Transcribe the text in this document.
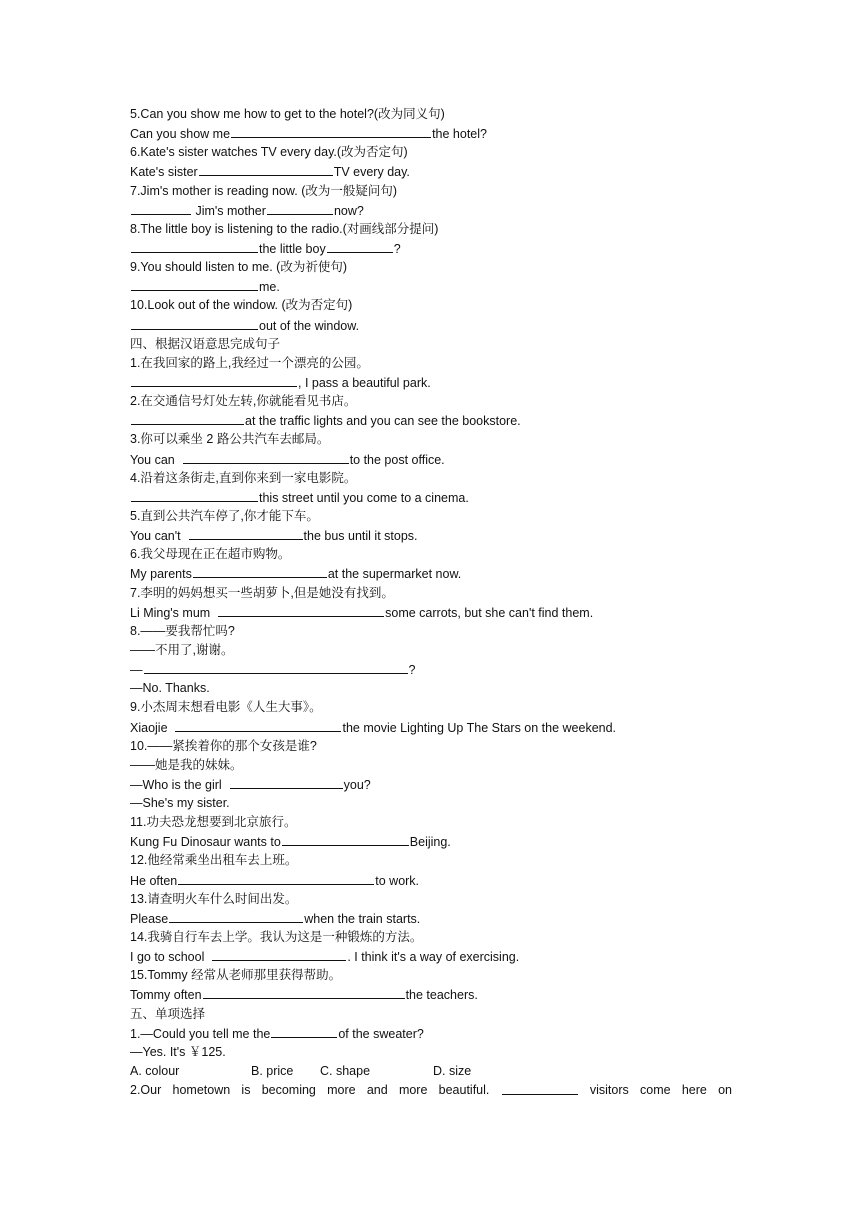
5.Can you show me how to get to the hotel?(改为同义句)
Can you show me	the hotel?
6.Kate's sister watches TV every day.(改为否定句)
Kate's sister	TV every day.
7.Jim's mother is reading now. (改为一般疑问句)
Jim's mother	now?
8.The little boy is listening to the radio.(对画线部分提问)
the little boy	?
9.You should listen to me. (改为祈使句)
me.
10.Look out of the window. (改为否定句)
out of the window.
四、根据汉语意思完成句子
1.在我回家的路上,我经过一个漂亮的公园。
, I pass a beautiful park.
2.在交通信号灯处左转,你就能看见书店。
at the traffic lights and you can see the bookstore.
3.你可以乘坐 2 路公共汽车去邮局。
You can	to the post office.
4.沿着这条街走,直到你来到一家电影院。
this street until you come to a cinema.
5.直到公共汽车停了,你才能下车。
You can't	the bus until it stops.
6.我父母现在正在超市购物。
My parents	at the supermarket now.
7.李明的妈妈想买一些胡萝卜,但是她没有找到。
Li Ming's mum	some carrots, but she can't find them.
8.——要我帮忙吗?
——不用了,谢谢。
—	?
—No. Thanks.
9.小杰周末想看电影《人生大事》。
Xiaojie	the movie Lighting Up The Stars on the weekend.
10.——紧挨着你的那个女孩是谁?
——她是我的妹妹。
—Who is the girl	you?
—She's my sister.
11.功夫恐龙想要到北京旅行。
Kung Fu Dinosaur wants to	Beijing.
12.他经常乘坐出租车去上班。
He often	to work.
13.请查明火车什么时间出发。
Please	when the train starts.
14.我骑自行车去上学。我认为这是一种锻炼的方法。
I go to school	. I think it's a way of exercising.
15.Tommy 经常从老师那里获得帮助。
Tommy often	the teachers.
五、单项选择
1.—Could you tell me the	of the sweater?
—Yes. It's ￥125.
A. colour	B. price C. shape	D. size
2.Our hometown is becoming more and more beautiful.	visitors come here on
